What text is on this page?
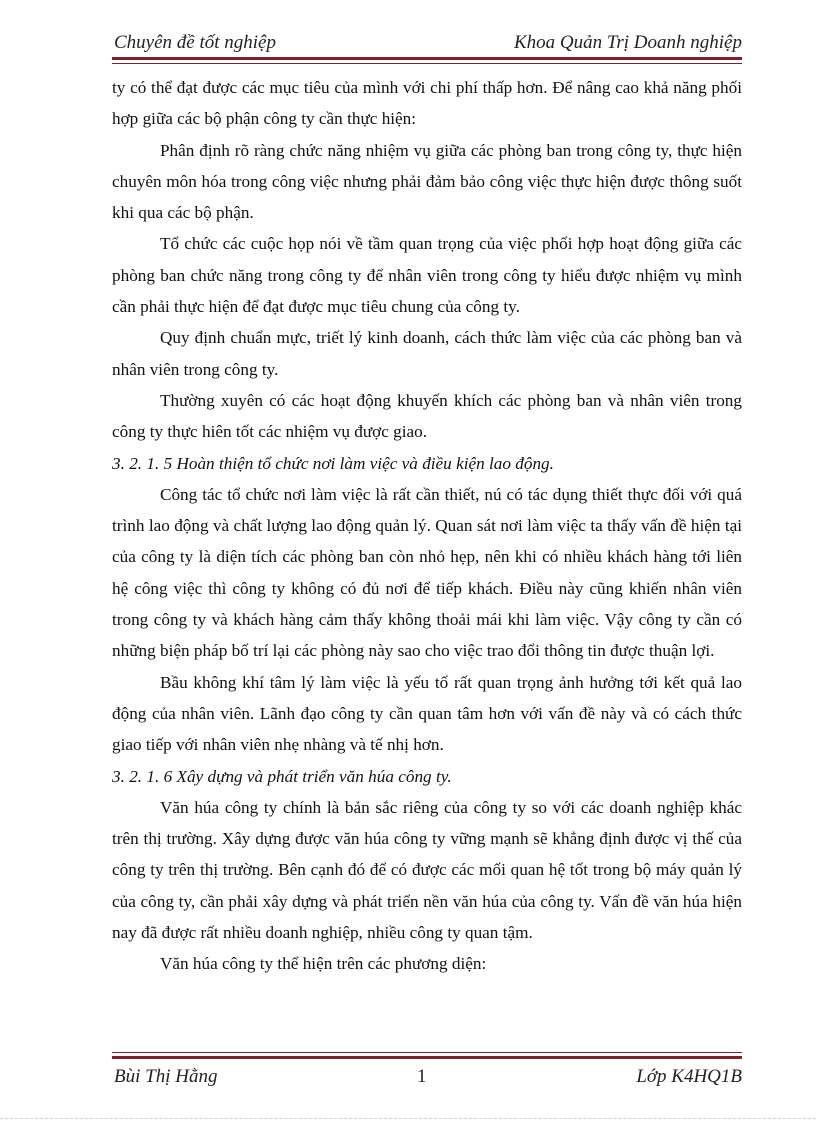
Chuyên đề tốt nghiệp	Khoa Quản Trị Doanh nghiệp

ty có thể đạt được các mục tiêu của mình với chi phí thấp hơn. Để nâng cao khả năng phối hợp giữa các bộ phận công ty cần thực hiện:

Phân định rõ ràng chức năng nhiệm vụ giữa các phòng ban trong công ty, thực hiện chuyên môn hóa trong công việc nhưng phải đảm bảo công việc thực hiện được thông suốt khi qua các bộ phận.

Tổ chức các cuộc họp nói về tầm quan trọng của việc phối hợp hoạt động giữa các phòng ban chức năng trong công ty để nhân viên trong công ty hiểu được nhiệm vụ mình cần phải thực hiện để đạt được mục tiêu chung của công ty.

Quy định chuẩn mực, triết lý kinh doanh, cách thức làm việc của các phòng ban và nhân viên trong công ty.

Thường xuyên có các hoạt động khuyến khích các phòng ban và nhân viên trong công ty thực hiên tốt các nhiệm vụ được giao.

3. 2. 1. 5 Hoàn thiện tổ chức nơi làm việc và điều kiện lao động.

Công tác tổ chức nơi làm việc là rất cần thiết, nú có tác dụng thiết thực đối với quá trình lao động và chất lượng lao động quản lý. Quan sát nơi làm việc ta thấy vấn đề hiện tại của công ty là diện tích các phòng ban còn nhỏ hẹp, nên khi có nhiều khách hàng tới liên hệ công việc thì công ty không có đủ nơi để tiếp khách. Điều này cũng khiến nhân viên trong công ty và khách hàng cảm thấy không thoải mái khi làm việc. Vậy công ty cần có những biện pháp bố trí lại các phòng này sao cho việc trao đổi thông tin được thuận lợi.

Bầu không khí tâm lý làm việc là yếu tố rất quan trọng ảnh hưởng tới kết quả lao động của nhân viên. Lãnh đạo công ty cần quan tâm hơn với vấn đề này và có cách thức giao tiếp với nhân viên nhẹ nhàng và tế nhị hơn.

3. 2. 1. 6 Xây dựng và phát triển văn húa công ty.

Văn húa công ty chính là bản sắc riêng của công ty so với các doanh nghiệp khác trên thị trường. Xây dựng được văn húa công ty vững mạnh sẽ khẳng định được vị thế của công ty trên thị trường. Bên cạnh đó để có được các mối quan hệ tốt trong bộ máy quản lý của công ty, cần phải xây dựng và phát triển nền văn húa của công ty. Vấn đề văn húa hiện nay đã được rất nhiều doanh nghiệp, nhiều công ty quan tậm.

Văn húa công ty thể hiện trên các phương diện:

Bùi Thị Hằng	1	Lớp K4HQ1B
